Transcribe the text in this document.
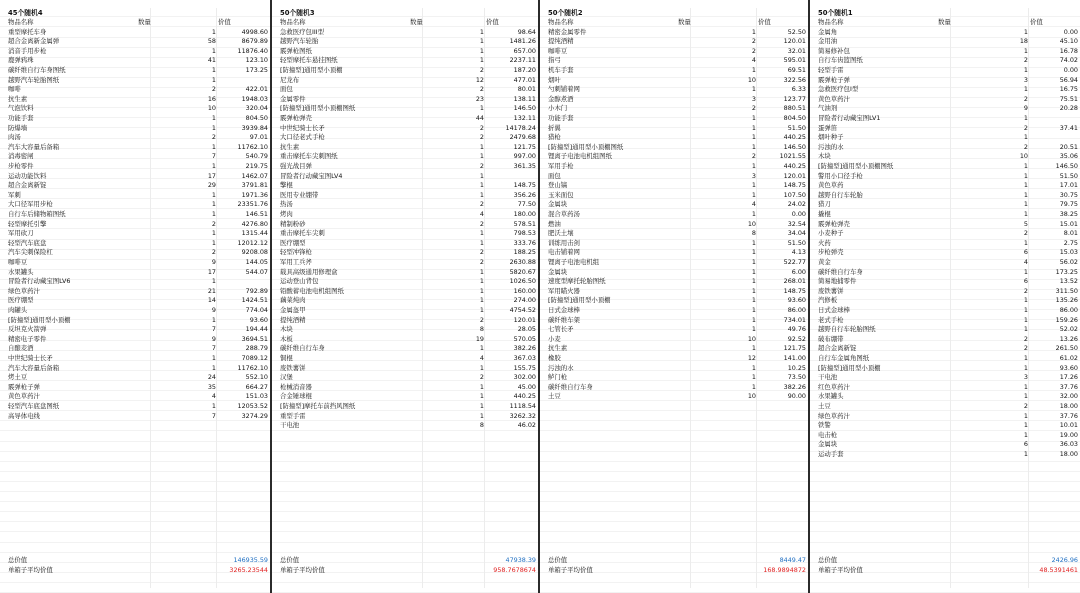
45个随机4
物品名称	数量	价值
重型摩托车身	1	4998.60
超合金离新金属弹	58	8679.89
消音手用步枪	1	11876.40
鹿弹鸦珠	41	123.10
碳纤维自行车身图纸	1	173.25
越野汽车轮胎图纸	1
咖啡	2	422.01
抗生素	16	1948.03
气泡饮料	10	320.04
功能手套	1	804.50
防爆墙	1	3939.84
肉汤	2	97.01
汽车大容量后备箱	1	11762.10
消毒密闸	7	540.79
步枪零件	1	219.75
运动功能饮料	17	1462.07
超合金离新锭	29	3791.81
军刺	1	1971.36
大口径军用步枪	1	23351.76
自行车后储物箱图纸	1	146.51
轻型摩托引擎	2	4276.80
军用砍刀	1	1315.44
轻型汽车底盘	1	12012.12
汽车尖刺保险杠	2	9208.08
咖啡豆	9	144.05
水果罐头	17	544.07
冒险者行动藏宝图LV6	1
绿色草药汁	21	792.89
医疗绷型	14	1424.51
肉罐头	9	774.04
[防撞型]通用型小顶棚	1	93.60
反坦克火箭弹	7	194.44
精密电子零件	9	3694.51
自酿麦酒	7	288.79
中世纪骑士长矛	1	7089.12
汽车大容量后备箱	1	11762.10
烤土豆	24	552.10
霰弹枪子弹	35	664.27
黄色草药汁	4	151.03
轻型汽车底盘图纸	1	12053.52
高导体电线	7	3274.29
总价值	146935.59
单箱子平均价值	3265.23544
50个随机3
物品名称	数量	价值
急救医疗包III型	1	98.64
越野汽车轮胎	1	1481.26
霰弹枪图纸	1	657.00
轻型摩托车悬挂图纸	1	2237.11
[防撞型]通用型小顶棚	2	187.20
尼龙布	12	477.01
面包	2	80.01
金属零件	23	138.11
[防撞型]通用型小顶棚图纸	1	146.50
霰弹枪弹壳	44	132.11
中世纪骑士长矛	2	14178.24
大口径老式手枪	2	2479.68
抗生素	1	121.75
重击摩托车尖刺图纸	1	997.00
强光战目弹	2	361.35
冒险者行动藏宝图LV4	1
擎棍	1	148.75
医用专业绷带	1	356.26
热汤	2	77.50
烤肉	4	180.00
精制粉砂	2	578.51
重击摩托车尖刺	1	798.53
医疗绷型	1	333.76
轻型冲锋枪	2	188.25
军用工兵斧	2	2630.88
载具高级通用修理盒	1	5820.67
运动登山背包	1	1026.50
铅酸蓄电池电机组图纸	1	160.00
藕菜炖肉	1	274.00
金属盔甲	1	4754.52
提纯酒精	2	120.01
木块	8	28.05
木板	19	570.05
碳纤维自行车身	1	382.26
铜棍	4	367.03
废铁薯饼	1	155.75
汉堡	2	302.00
枪械消音器	1	45.00
合金锤球棍	1	440.25
[防撞型]摩托车前挡风图纸	1	1118.54
重型手雷	1	3262.32
干电池	8	46.02
总价值	47938.39
单箱子平均价值	958.7678674
50个随机2
物品名称	数量	价值
精密金属零件	1	52.50
提纯酒精	2	120.01
咖啡豆	2	32.01
指弓	4	595.01
机车手套	1	69.51
烟叶	10	322.56
勺刺铺着网	1	6.33
金醇煮酒	3	123.77
小木门	2	880.51
功能手套	1	804.50
折翼	1	51.50
猎枪	1	440.25
[防撞型]通用型小顶棚图纸	1	146.50
锂离子电池电机组图纸	2	1021.55
军用手枪	1	440.25
面包	3	120.01
登山镐	1	148.75
玉米面包	1	107.50
金属块	4	24.02
混合草药汤	1	0.00
燃油	10	32.54
肥沃土壤	8	34.04
训练用击剑	1	51.50
电击铺着网	1	4.13
锂离子电池电机组	1	522.77
金属块	1	6.00
速度型摩托轮胎图纸	1	268.01
军用瞄火器	1	148.75
[防撞型]通用型小顶棚	1	93.60
日式金球棒	1	86.00
碳纤维车架	1	734.01
七管长矛	1	49.76
小麦	10	92.52
抗生素	1	121.75
橡胶	12	141.00
污浊的水	1	10.25
鲈门枪	1	73.50
碳纤维自行车身	1	382.26
土豆	10	90.00
总价值	8449.47
单箱子平均价值	168.9894872
50个随机1
物品名称	数量	价值
金属角	1	0.00
金用油	18	45.10
简易修补包	1	16.78
自行车齿篮图纸	2	74.02
轻型手雷	1	0.00
霰弹枪子弹	3	56.94
急救医疗包I型	1	16.75
黄色草药汁	2	75.51
气油剂	9	20.28
冒险者行动藏宝图LV1	1
蛋弹笛	2	37.41
烟叶种子	1
污浊的水	2	20.51
木块	10	35.06
[防撞型]通用型小顶棚图纸	1	146.50
警用小口径手枪	1	51.50
黄色草药	1	17.01
越野自行车轮胎	1	30.75
猎刀	1	79.75
撬棍	1	38.25
霰弹枪弹壳	5	15.01
小麦种子	2	8.01
火药	1	2.75
步枪弹壳	6	15.03
黄金	4	56.02
碳纤维自行车身	1	173.25
简易地捕零件	6	13.52
废铁薯饼	2	311.50
汽修板	1	135.26
日式金球棒	1	86.00
老式手枪	1	159.26
越野自行车轮胎图纸	1	52.02
破布绷带	2	13.26
超合金离新锭	2	261.50
自行车金属角图纸	1	61.02
[防撞型]通用型小顶棚	1	93.60
干电池	3	17.26
红色草药汁	1	37.76
水果罐头	1	32.00
土豆	2	18.00
绿色草药汁	1	37.76
铁警	1	10.01
电击枪	1	19.00
金属块	6	36.03
运动手套	1	18.00
总价值	2426.96
单箱子平均价值	48.5391461
